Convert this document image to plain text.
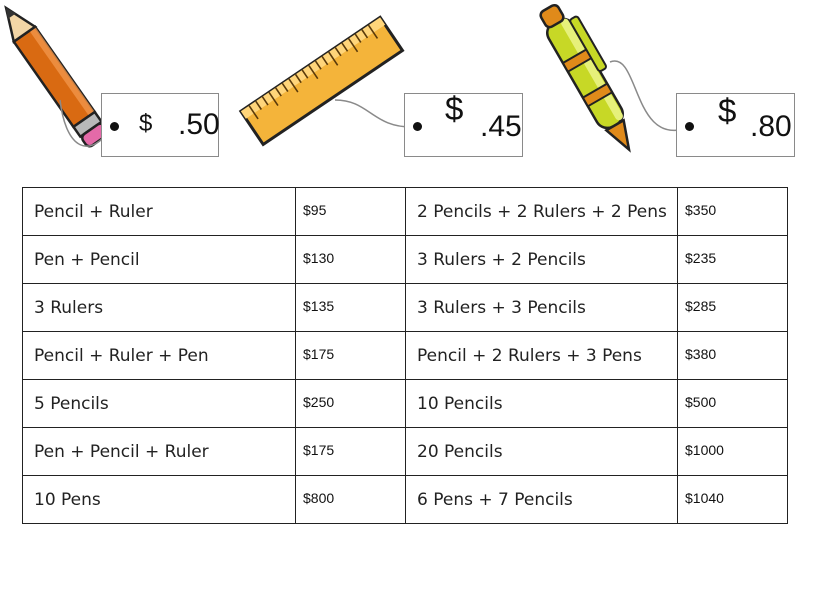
$ .50	$ .45	$ .80
Pencil + Ruler	$95	2 Pencils + 2 Rulers + 2 Pens	$350
Pen + Pencil	$130	3 Rulers + 2 Pencils	$235
3 Rulers	$135	3 Rulers + 3 Pencils	$285
Pencil + Ruler + Pen	$175	Pencil + 2 Rulers + 3 Pens	$380
5 Pencils	$250	10 Pencils	$500
Pen + Pencil + Ruler	$175	20 Pencils	$1000
10 Pens	$800	6 Pens + 7 Pencils	$1040
